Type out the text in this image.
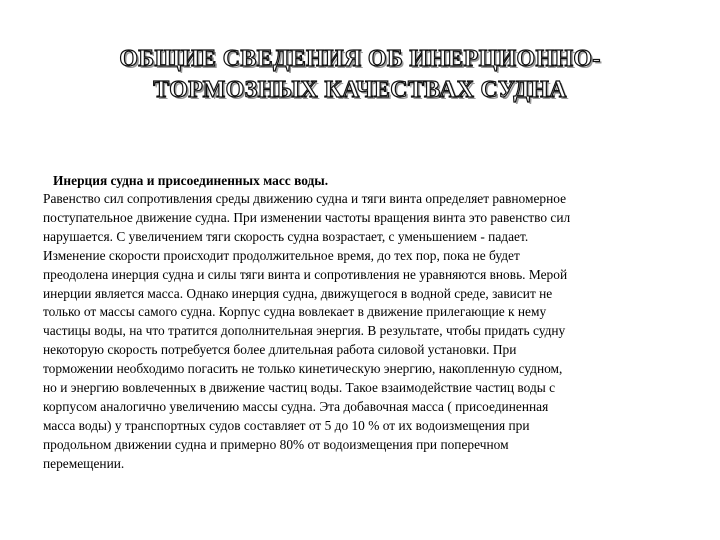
ОБЩИЕ СВЕДЕНИЯ ОБ ИНЕРЦИОННО-
ТОРМОЗНЫХ КАЧЕСТВАХ СУДНА
Инерция судна и присоединенных масс воды.
Равенство сил сопротивления среды движению судна и тяги винта определяет равномерное
поступательное движение судна. При изменении частоты вращения винта это равенство сил
нарушается. С увеличением тяги скорость судна возрастает, с уменьшением - падает.
Изменение скорости происходит продолжительное время, до тех пор, пока не будет
преодолена инерция судна и силы тяги винта и сопротивления не уравняются вновь. Мерой
инерции является масса. Однако инерция судна, движущегося в водной среде, зависит не
только от массы самого судна. Корпус судна вовлекает в движение прилегающие к нему
частицы воды, на что тратится дополнительная энергия. В результате, чтобы придать судну
некоторую скорость потребуется более длительная работа силовой установки. При
торможении необходимо погасить не только кинетическую энергию, накопленную судном,
но и энергию вовлеченных в движение частиц воды. Такое взаимодействие частиц воды с
корпусом аналогично увеличению массы судна. Эта добавочная масса ( присоединенная
масса воды) у транспортных судов составляет от 5 до 10 % от их водоизмещения при
продольном движении судна и примерно 80% от водоизмещения при поперечном
перемещении.
